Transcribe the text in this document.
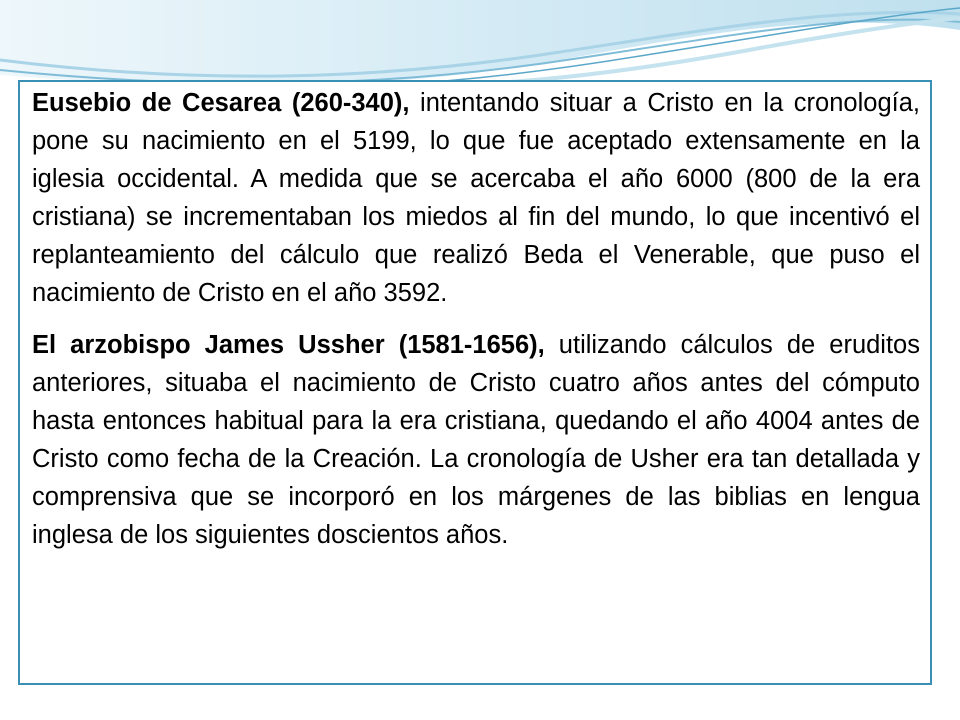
Eusebio de Cesarea (260-340), intentando situar a Cristo en la cronología, pone su nacimiento en el 5199, lo que fue aceptado extensamente en la iglesia occidental. A medida que se acercaba el año 6000 (800 de la era cristiana) se incrementaban los miedos al fin del mundo, lo que incentivó el replanteamiento del cálculo que realizó Beda el Venerable, que puso el nacimiento de Cristo en el año 3592.

El arzobispo James Ussher (1581-1656), utilizando cálculos de eruditos anteriores, situaba el nacimiento de Cristo cuatro años antes del cómputo hasta entonces habitual para la era cristiana, quedando el año 4004 antes de Cristo como fecha de la Creación. La cronología de Usher era tan detallada y comprensiva que se incorporó en los márgenes de las biblias en lengua inglesa de los siguientes doscientos años.
